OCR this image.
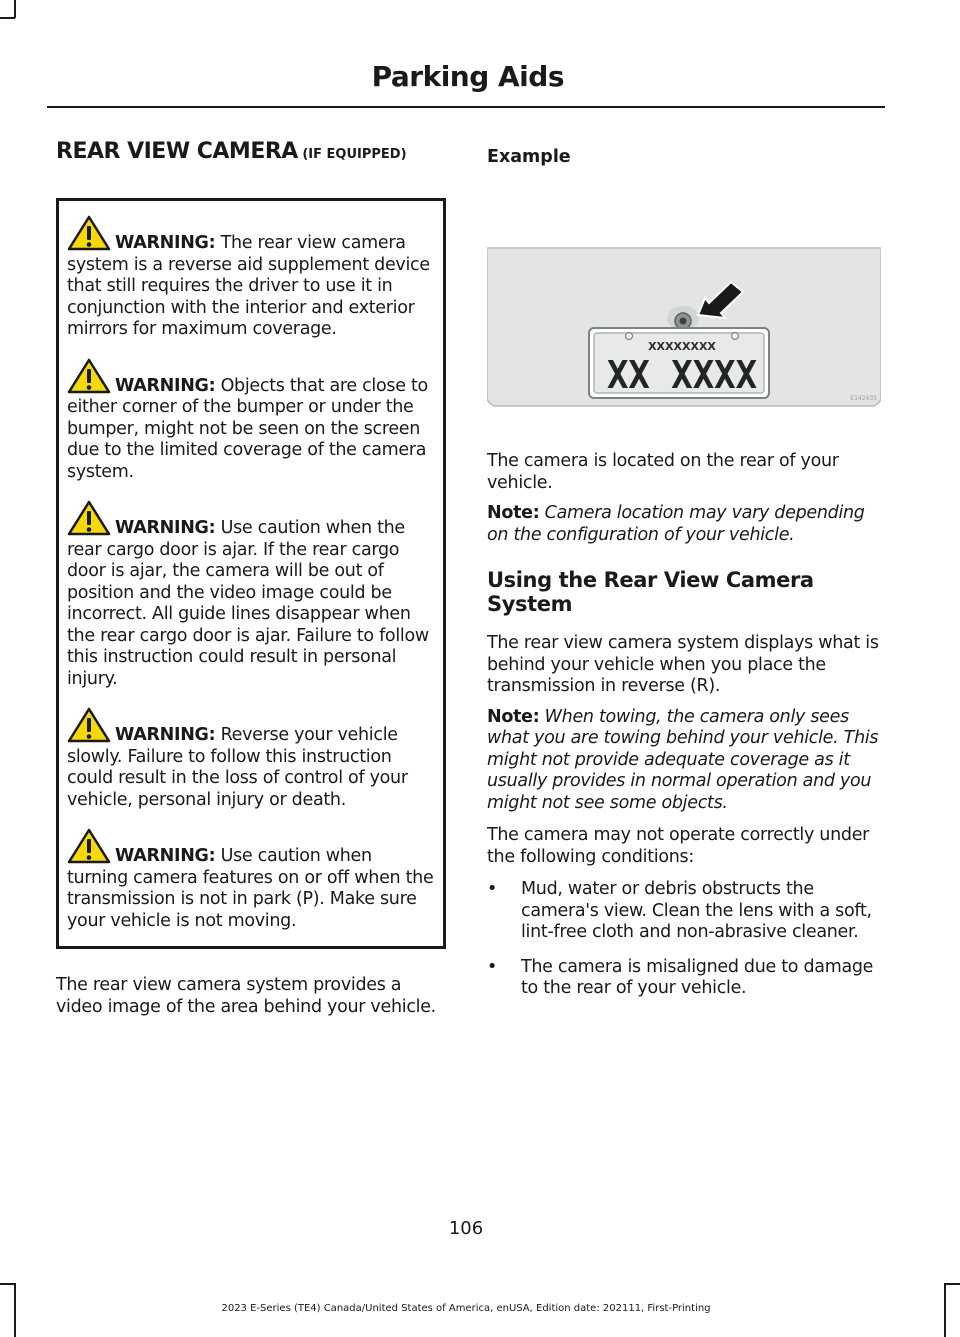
Parking Aids
REAR VIEW CAMERA (IF EQUIPPED)

WARNING: The rear view camera system is a reverse aid supplement device that still requires the driver to use it in conjunction with the interior and exterior mirrors for maximum coverage.

WARNING: Objects that are close to either corner of the bumper or under the bumper, might not be seen on the screen due to the limited coverage of the camera system.

WARNING: Use caution when the rear cargo door is ajar. If the rear cargo door is ajar, the camera will be out of position and the video image could be incorrect. All guide lines disappear when the rear cargo door is ajar. Failure to follow this instruction could result in personal injury.

WARNING: Reverse your vehicle slowly. Failure to follow this instruction could result in the loss of control of your vehicle, personal injury or death.

WARNING: Use caution when turning camera features on or off when the transmission is not in park (P). Make sure your vehicle is not moving.

The rear view camera system provides a video image of the area behind your vehicle.

Example

XXXXXXXX
XX XXXX
E142435

The camera is located on the rear of your vehicle.

Note: Camera location may vary depending on the configuration of your vehicle.

Using the Rear View Camera System

The rear view camera system displays what is behind your vehicle when you place the transmission in reverse (R).

Note: When towing, the camera only sees what you are towing behind your vehicle. This might not provide adequate coverage as it usually provides in normal operation and you might not see some objects.

The camera may not operate correctly under the following conditions:

• Mud, water or debris obstructs the camera's view. Clean the lens with a soft, lint-free cloth and non-abrasive cleaner.
• The camera is misaligned due to damage to the rear of your vehicle.

106

2023 E-Series (TE4) Canada/United States of America, enUSA, Edition date: 202111, First-Printing
